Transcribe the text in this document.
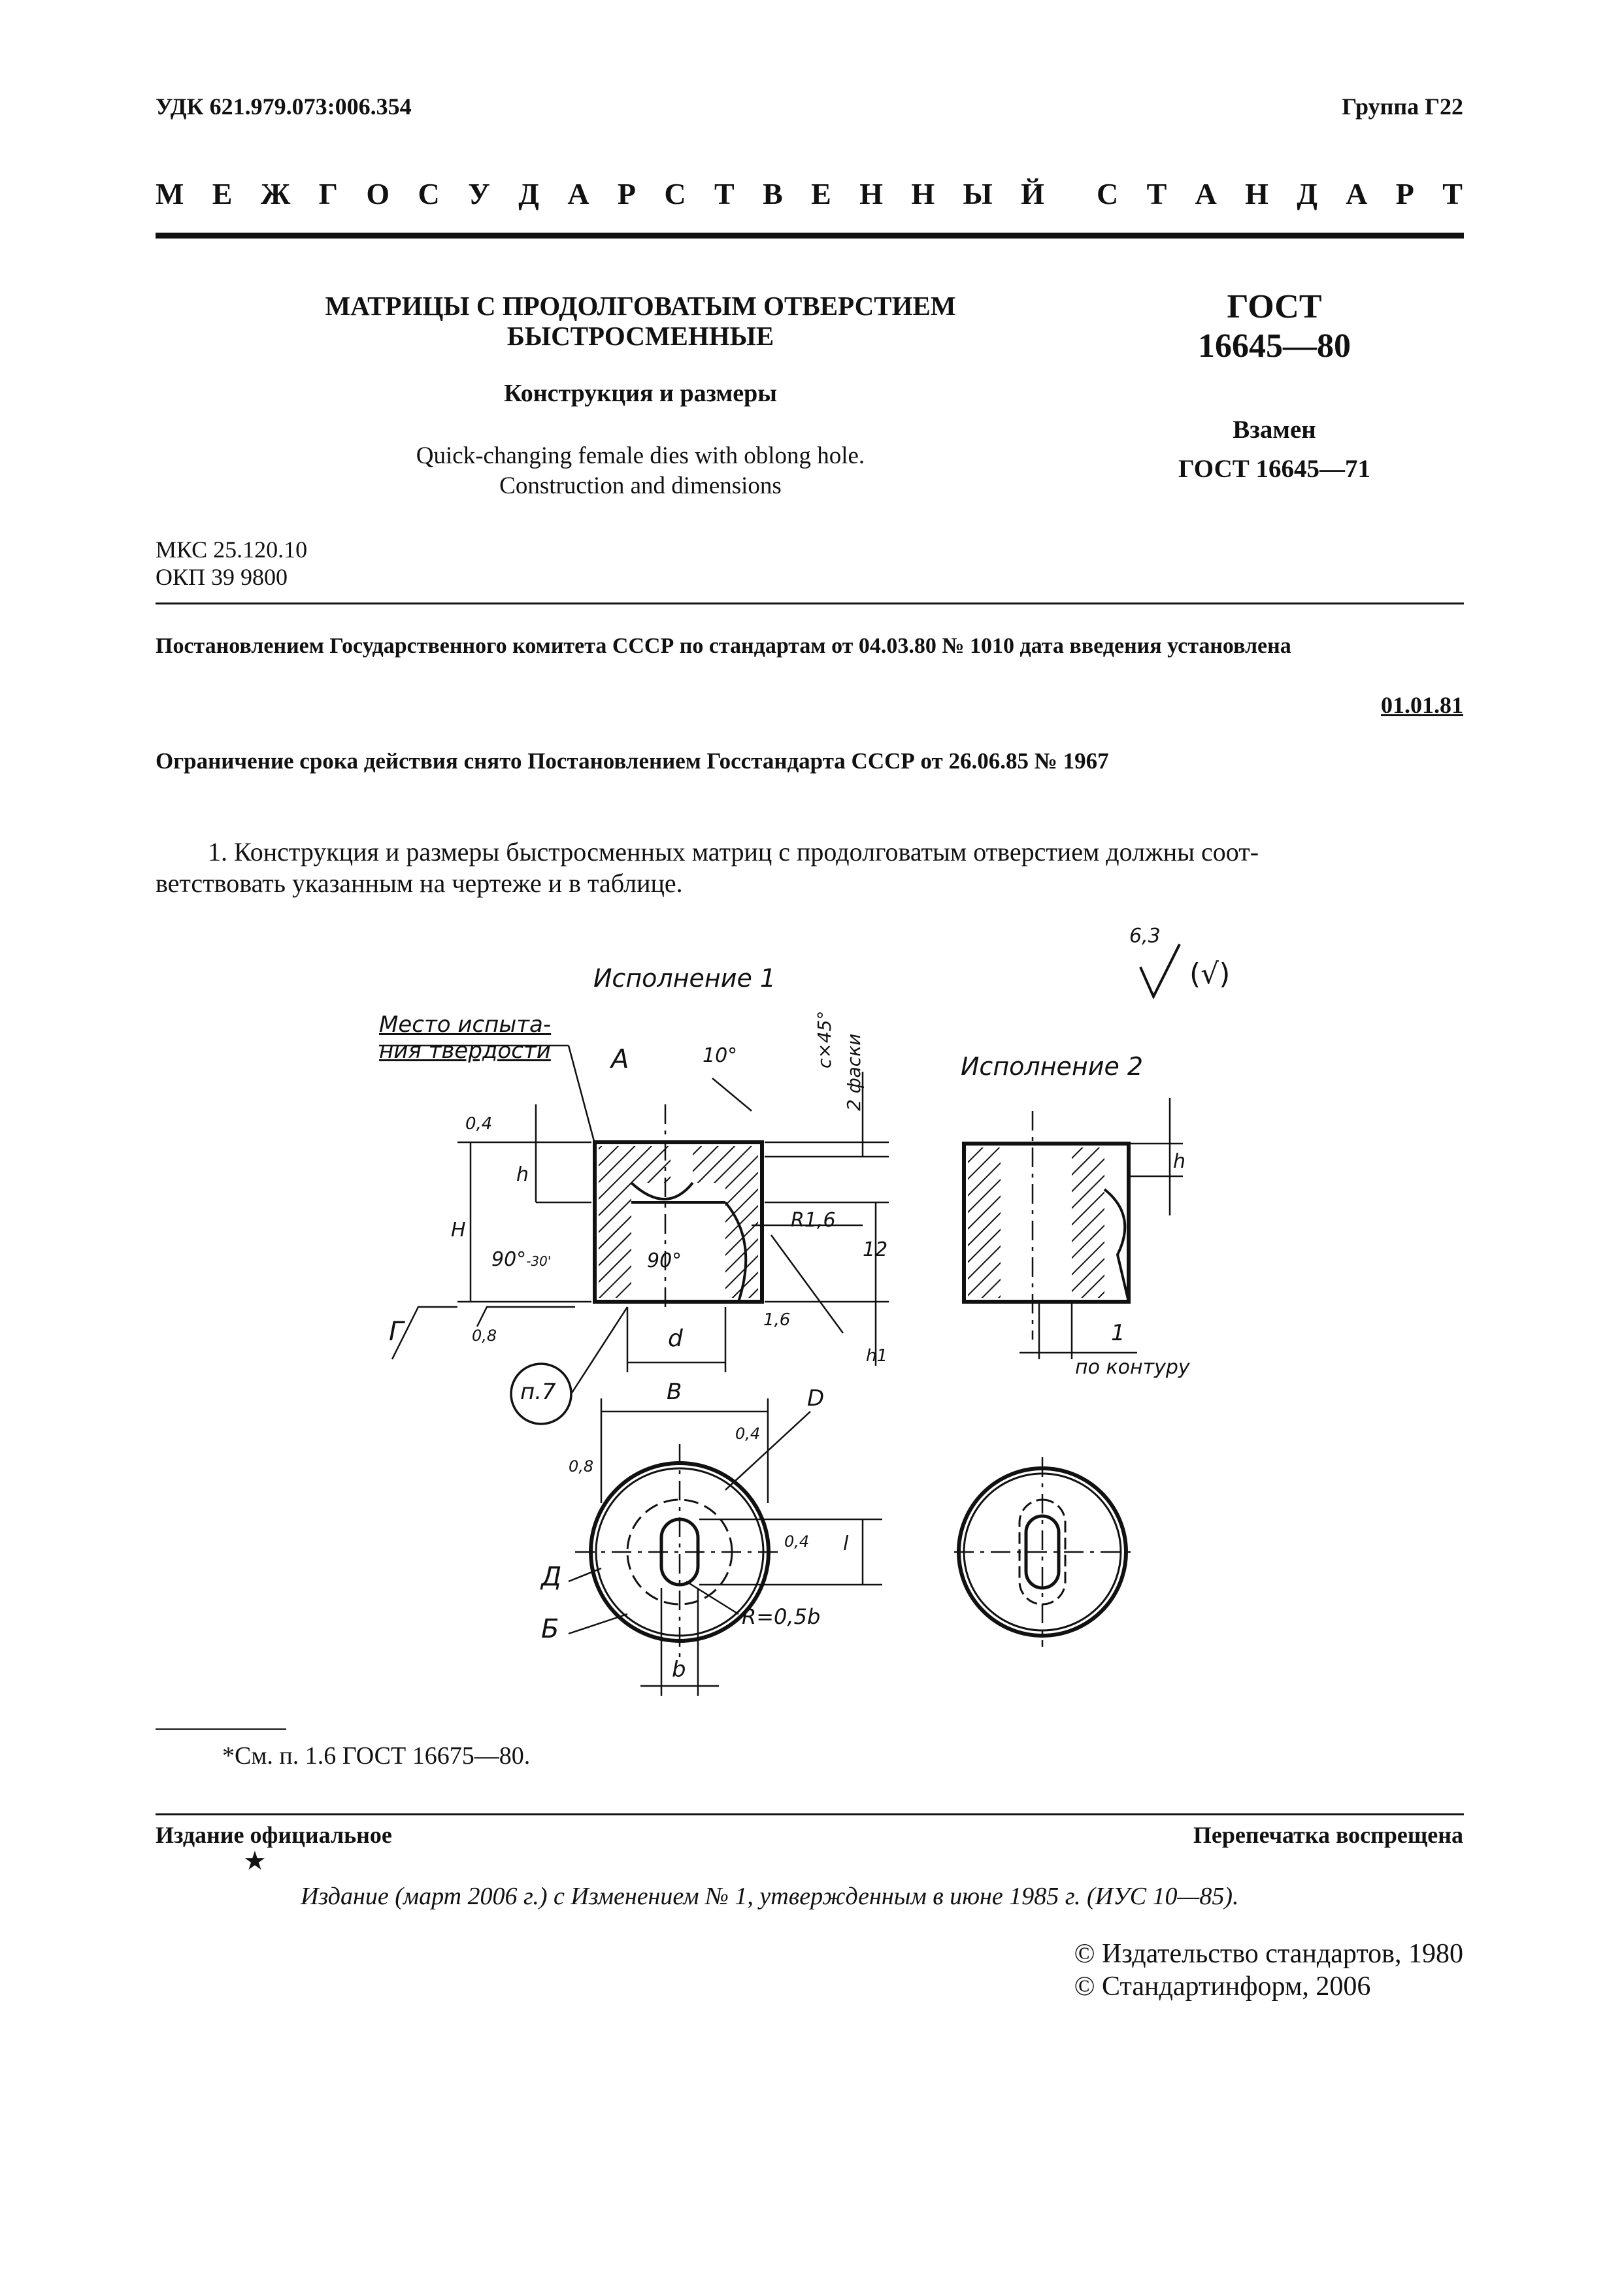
УДК 621.979.073:006.354	Группа Г22
М Е Ж Г О С У Д А Р С Т В Е Н Н Ы Й С Т А Н Д А Р Т
МАТРИЦЫ С ПРОДОЛГОВАТЫМ ОТВЕРСТИЕМ
БЫСТРОСМЕННЫЕ
Конструкция и размеры
Quick-changing female dies with oblong hole.
Construction and dimensions
ГОСТ
16645—80
Взамен
ГОСТ 16645—71
МКС 25.120.10
ОКП 39 9800
Постановлением Государственного комитета СССР по стандартам от 04.03.80 № 1010 дата введения установлена
01.01.81
Ограничение срока действия снято Постановлением Госстандарта СССР от 26.06.85 № 1967
1. Конструкция и размеры быстросменных матриц с продолговатым отверстием должны соот-
ветствовать указанным на чертеже и в таблице.
Исполнение 1
Исполнение 2
6,3
(√)
Место испыта-
ния твердости А	10°	c×45° 2 фаски
0,4
h
H
90°-30'	90°
R1,6
12
1,6
d
h1
Г	0,8
п.7	B	D
0,4
0,8
0,4 l
Д
Б	R=0,5b
b
h
1
по контуру
*См. п. 1.6 ГОСТ 16675—80.
Издание официальное	Перепечатка воспрещена
★
Издание (март 2006 г.) с Изменением № 1, утвержденным в июне 1985 г. (ИУС 10—85).
© Издательство стандартов, 1980
© Стандартинформ, 2006
